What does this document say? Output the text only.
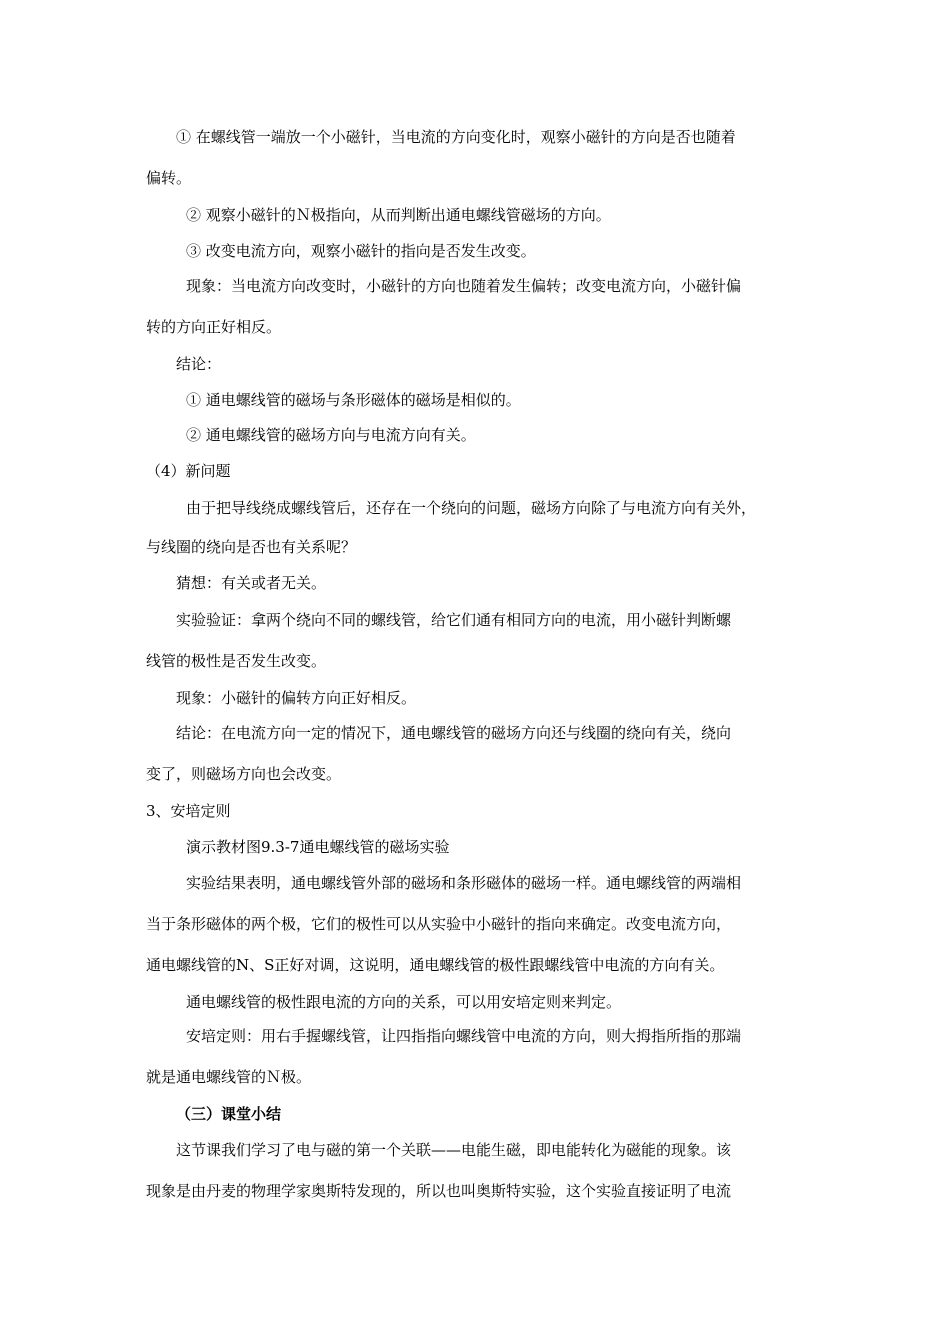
① 在螺线管一端放一个小磁针，当电流的方向变化时，观察小磁针的方向是否也随着
偏转。
② 观察小磁针的Ｎ极指向，从而判断出通电螺线管磁场的方向。
③ 改变电流方向，观察小磁针的指向是否发生改变。
现象：当电流方向改变时，小磁针的方向也随着发生偏转；改变电流方向，小磁针偏
转的方向正好相反。
结论：
① 通电螺线管的磁场与条形磁体的磁场是相似的。
② 通电螺线管的磁场方向与电流方向有关。
（4）新问题
由于把导线绕成螺线管后，还存在一个绕向的问题，磁场方向除了与电流方向有关外，
与线圈的绕向是否也有关系呢？
猜想：有关或者无关。
实验验证：拿两个绕向不同的螺线管，给它们通有相同方向的电流，用小磁针判断螺
线管的极性是否发生改变。
现象：小磁针的偏转方向正好相反。
结论：在电流方向一定的情况下，通电螺线管的磁场方向还与线圈的绕向有关，绕向
变了，则磁场方向也会改变。
3、安培定则
演示教材图9.3-7通电螺线管的磁场实验
实验结果表明，通电螺线管外部的磁场和条形磁体的磁场一样。通电螺线管的两端相
当于条形磁体的两个极，它们的极性可以从实验中小磁针的指向来确定。改变电流方向，
通电螺线管的N、S正好对调，这说明，通电螺线管的极性跟螺线管中电流的方向有关。
通电螺线管的极性跟电流的方向的关系，可以用安培定则来判定。
安培定则：用右手握螺线管，让四指指向螺线管中电流的方向，则大拇指所指的那端
就是通电螺线管的Ｎ极。
（三）课堂小结
这节课我们学习了电与磁的第一个关联——电能生磁，即电能转化为磁能的现象。该
现象是由丹麦的物理学家奥斯特发现的，所以也叫奥斯特实验，这个实验直接证明了电流
